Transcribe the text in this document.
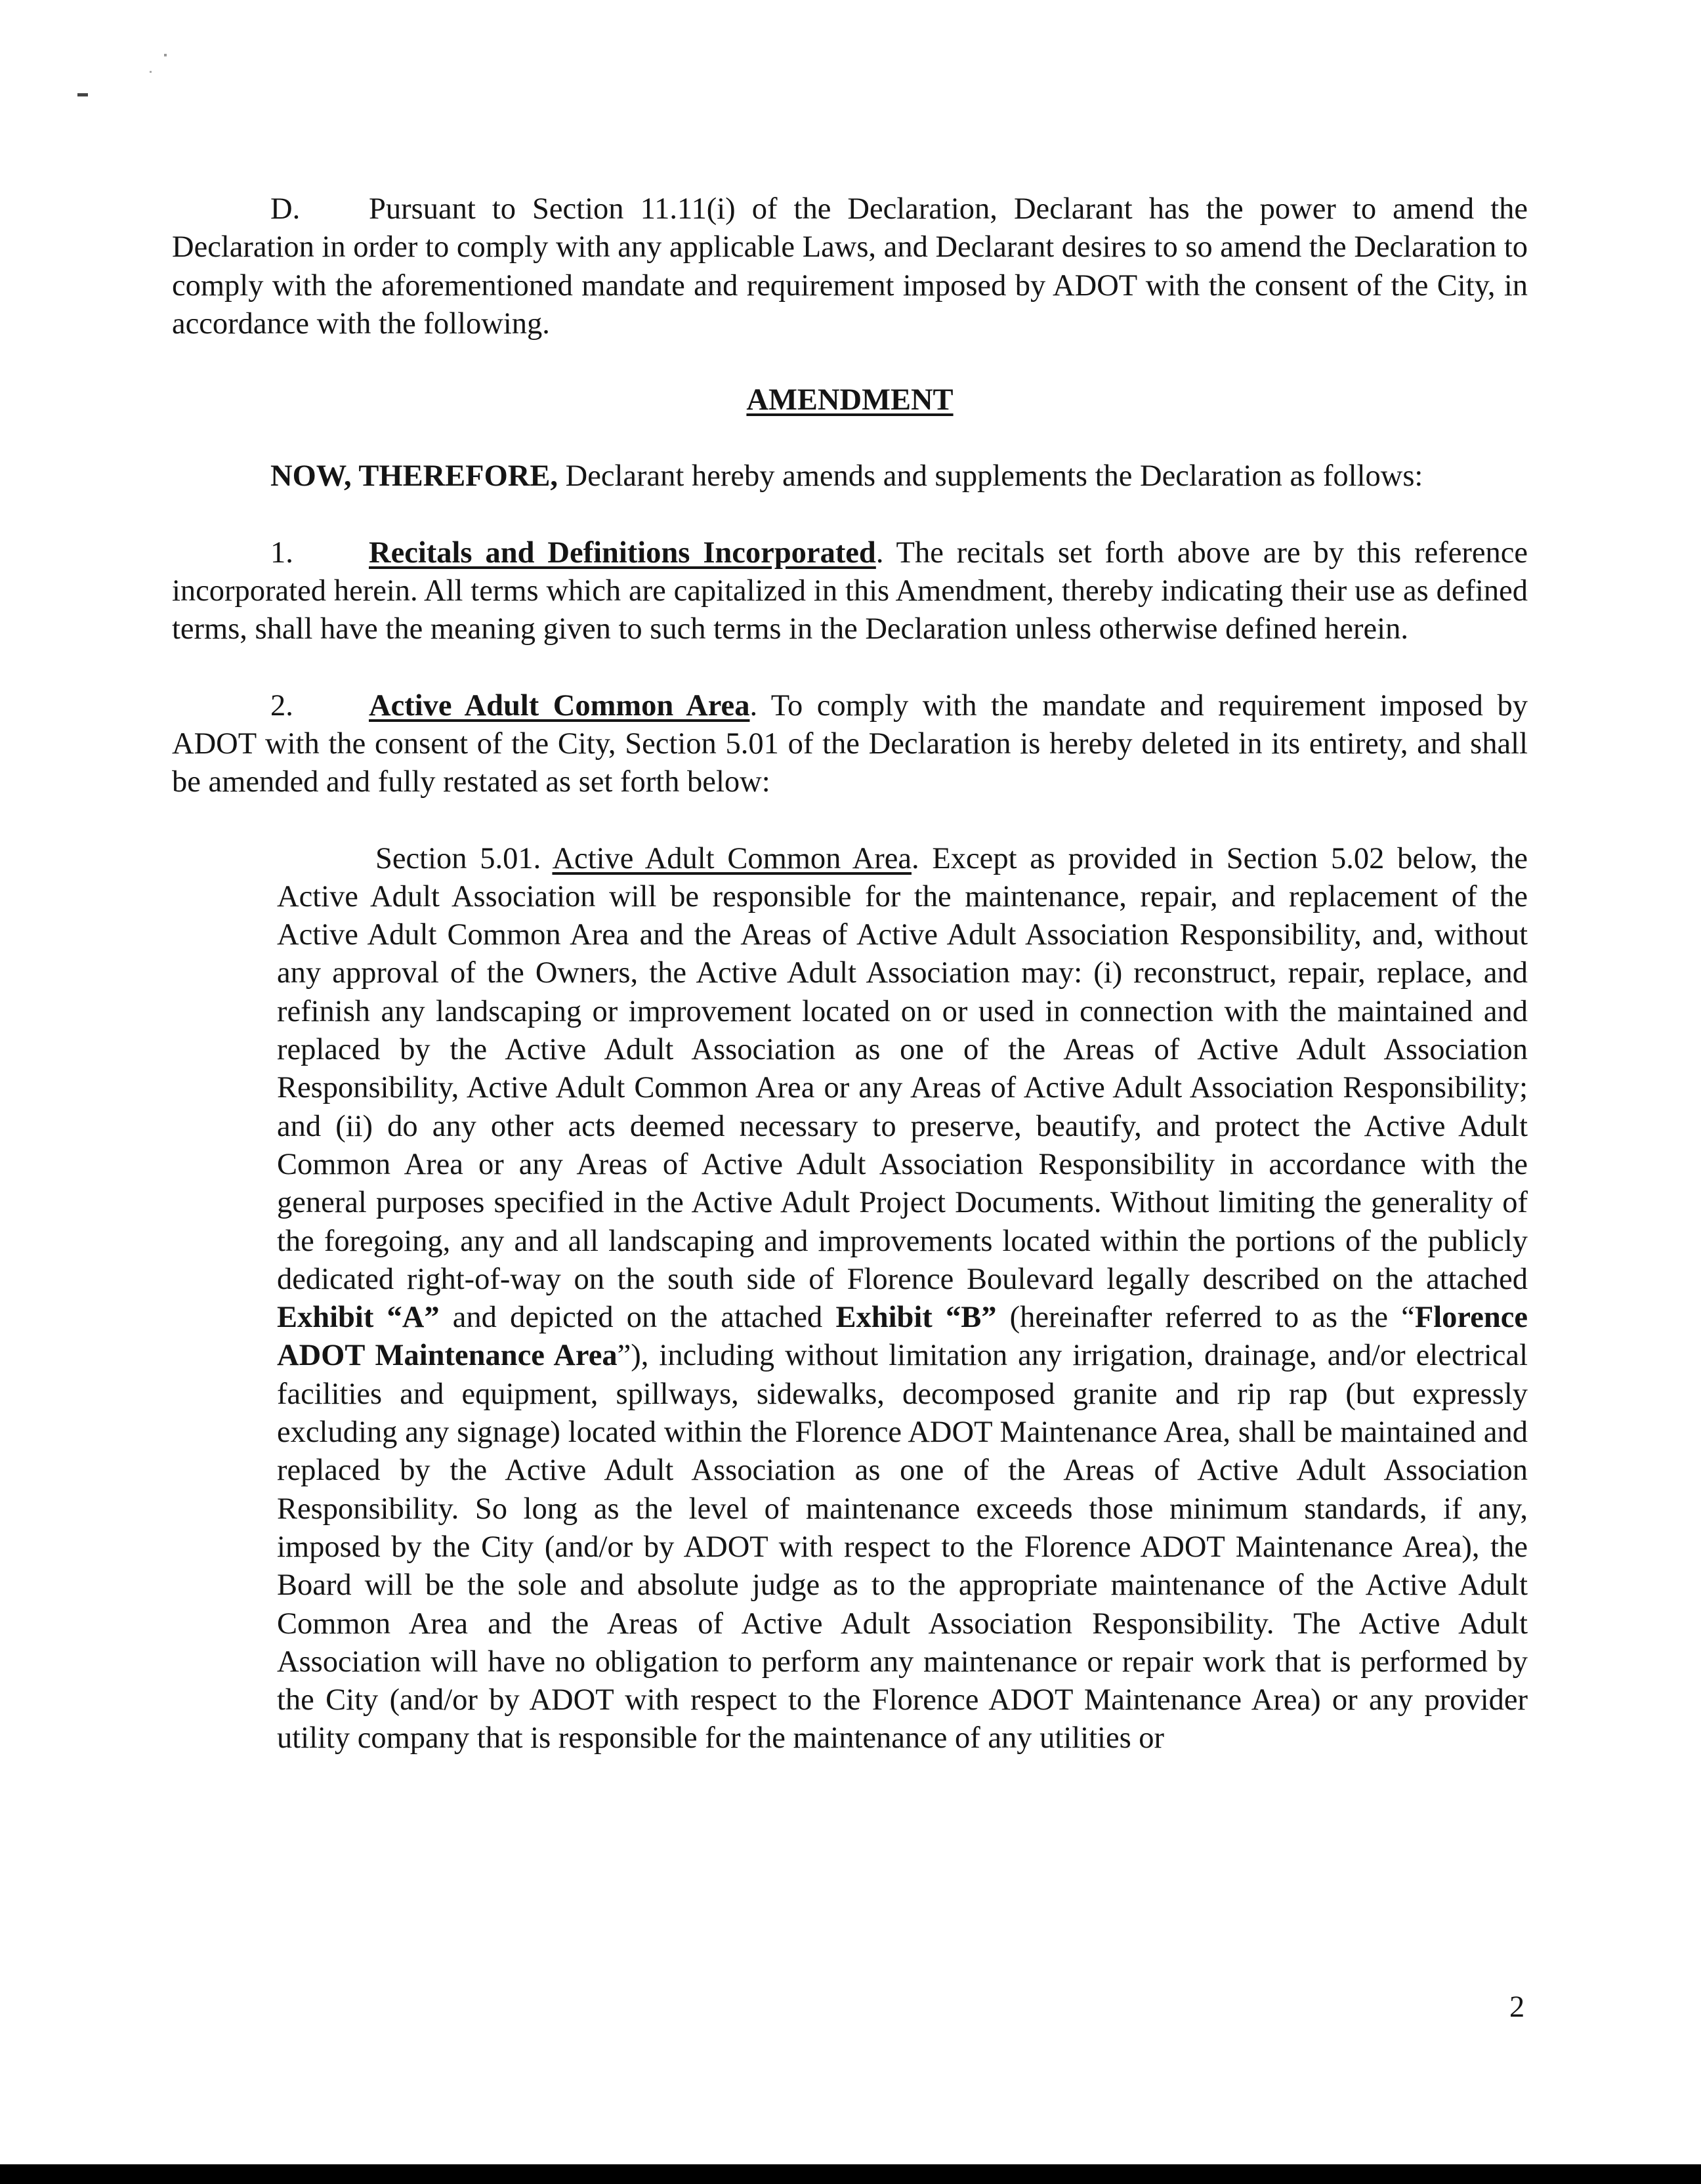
D. Pursuant to Section 11.11(i) of the Declaration, Declarant has the power to amend the Declaration in order to comply with any applicable Laws, and Declarant desires to so amend the Declaration to comply with the aforementioned mandate and requirement imposed by ADOT with the consent of the City, in accordance with the following.

AMENDMENT

NOW, THEREFORE, Declarant hereby amends and supplements the Declaration as follows:

1. Recitals and Definitions Incorporated. The recitals set forth above are by this reference incorporated herein. All terms which are capitalized in this Amendment, thereby indicating their use as defined terms, shall have the meaning given to such terms in the Declaration unless otherwise defined herein.

2. Active Adult Common Area. To comply with the mandate and requirement imposed by ADOT with the consent of the City, Section 5.01 of the Declaration is hereby deleted in its entirety, and shall be amended and fully restated as set forth below:

Section 5.01. Active Adult Common Area. Except as provided in Section 5.02 below, the Active Adult Association will be responsible for the maintenance, repair, and replacement of the Active Adult Common Area and the Areas of Active Adult Association Responsibility, and, without any approval of the Owners, the Active Adult Association may: (i) reconstruct, repair, replace, and refinish any landscaping or improvement located on or used in connection with the maintained and replaced by the Active Adult Association as one of the Areas of Active Adult Association Responsibility, Active Adult Common Area or any Areas of Active Adult Association Responsibility; and (ii) do any other acts deemed necessary to preserve, beautify, and protect the Active Adult Common Area or any Areas of Active Adult Association Responsibility in accordance with the general purposes specified in the Active Adult Project Documents. Without limiting the generality of the foregoing, any and all landscaping and improvements located within the portions of the publicly dedicated right-of-way on the south side of Florence Boulevard legally described on the attached Exhibit “A” and depicted on the attached Exhibit “B” (hereinafter referred to as the “Florence ADOT Maintenance Area”), including without limitation any irrigation, drainage, and/or electrical facilities and equipment, spillways, sidewalks, decomposed granite and rip rap (but expressly excluding any signage) located within the Florence ADOT Maintenance Area, shall be maintained and replaced by the Active Adult Association as one of the Areas of Active Adult Association Responsibility. So long as the level of maintenance exceeds those minimum standards, if any, imposed by the City (and/or by ADOT with respect to the Florence ADOT Maintenance Area), the Board will be the sole and absolute judge as to the appropriate maintenance of the Active Adult Common Area and the Areas of Active Adult Association Responsibility. The Active Adult Association will have no obligation to perform any maintenance or repair work that is performed by the City (and/or by ADOT with respect to the Florence ADOT Maintenance Area) or any provider utility company that is responsible for the maintenance of any utilities or

2
